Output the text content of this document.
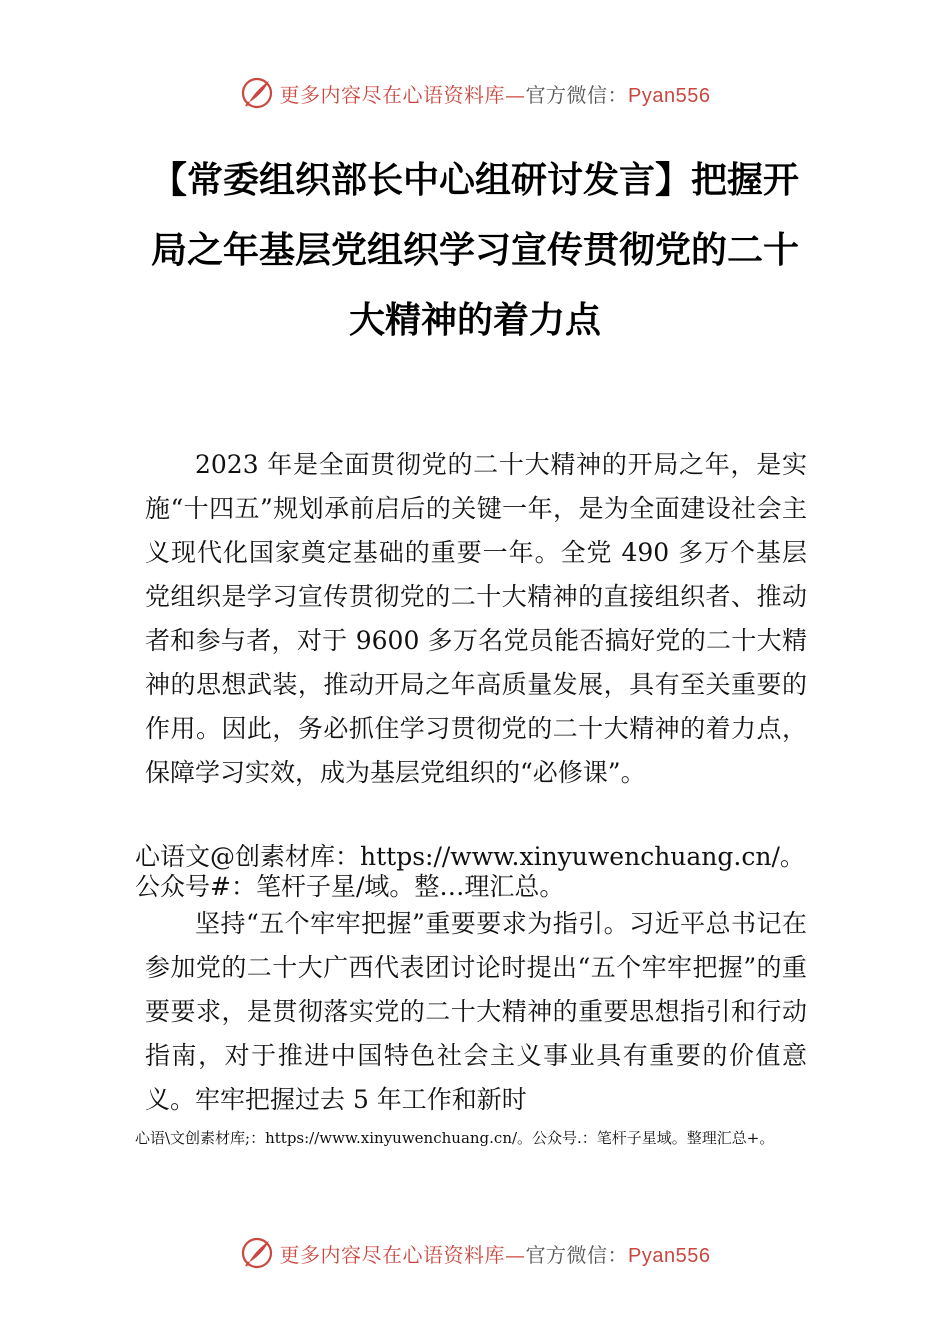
更多内容尽在心语资料库—官方微信：Pyan556
【常委组织部长中心组研讨发言】把握开局之年基层党组织学习宣传贯彻党的二十大精神的着力点

2023 年是全面贯彻党的二十大精神的开局之年，是实施“十四五”规划承前启后的关键一年，是为全面建设社会主义现代化国家奠定基础的重要一年。全党 490 多万个基层党组织是学习宣传贯彻党的二十大精神的直接组织者、推动者和参与者，对于 9600 多万名党员能否搞好党的二十大精神的思想武装，推动开局之年高质量发展，具有至关重要的作用。因此，务必抓住学习贯彻党的二十大精神的着力点，保障学习实效，成为基层党组织的“必修课”。

心语文@创素材库：https://www.xinyuwenchuang.cn/。公众号#：笔杆子星/域。整…理汇总。

坚持“五个牢牢把握”重要要求为指引。习近平总书记在参加党的二十大广西代表团讨论时提出“五个牢牢把握”的重要要求，是贯彻落实党的二十大精神的重要思想指引和行动指南，对于推进中国特色社会主义事业具有重要的价值意义。牢牢把握过去 5 年工作和新时

心语\文创素材库;：https://www.xinyuwenchuang.cn/。公众号.：笔杆子星域。整理汇总+。

更多内容尽在心语资料库—官方微信：Pyan556
